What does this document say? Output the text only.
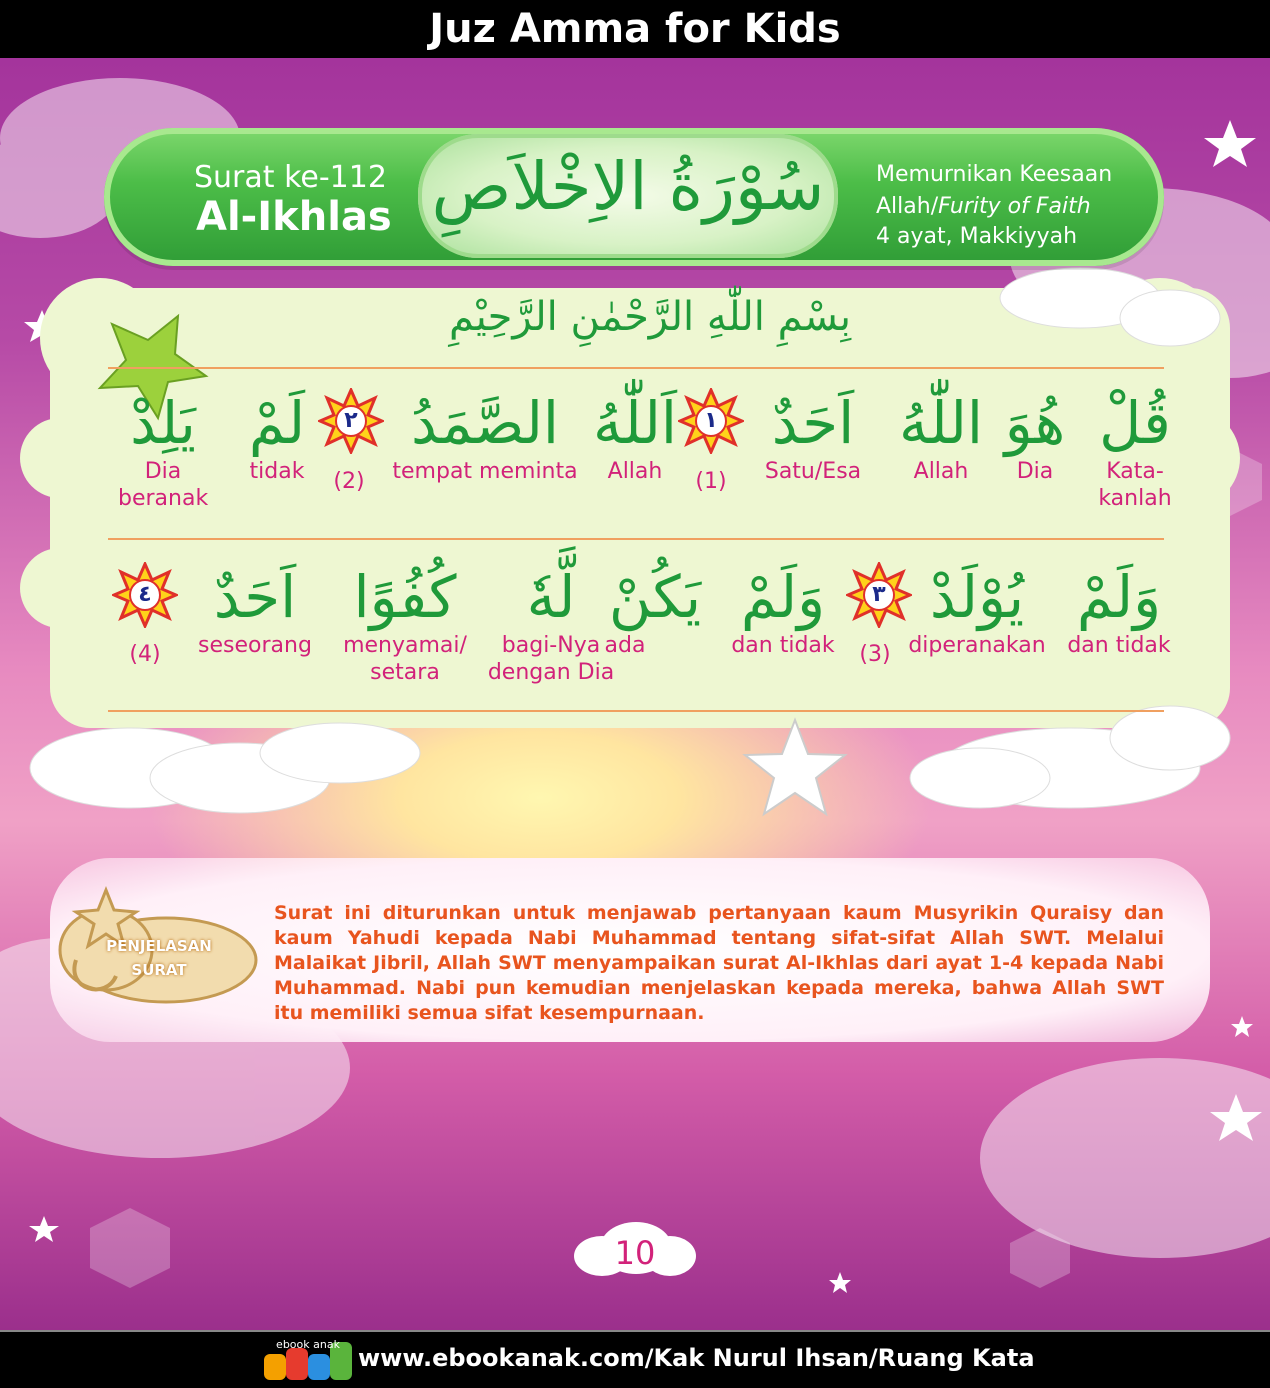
Juz Amma for Kids
Surat ke-112
Al-Ikhlas سُوْرَةُ الاِخْلاَصِ	Memurnikan Keesaan
Allah/Furity of Faith
4 ayat, Makkiyyah
بِسْمِ اللّٰهِ الرَّحْمٰنِ الرَّحِيْمِ
قُلْ
Kata-kanlah
هُوَ
Dia
اللّٰهُ
Allah
اَحَدٌ
Satu/Esa
١
(1)
اَللّٰهُ
Allah
الصَّمَدُ
tempat meminta
٢
(2)
لَمْ
tidak
يَلِدْ
Dia beranak
وَلَمْ
dan tidak
يُوْلَدْ
diperanakan
٣
(3)
وَلَمْ
dan tidak
يَكُنْ
ada
لَّهٗ
bagi-Nya dengan Dia
كُفُوًا
menyamai/ setara
اَحَدٌ
seseorang
٤
(4)
PENJELASAN
SURAT
Surat ini diturunkan untuk menjawab pertanyaan kaum Musyrikin Quraisy dan kaum Yahudi kepada Nabi Muhammad tentang sifat-sifat Allah SWT. Melalui Malaikat Jibril, Allah SWT menyampaikan surat Al-Ikhlas dari ayat 1-4 kepada Nabi Muhammad. Nabi pun kemudian menjelaskan kepada mereka, bahwa Allah SWT itu memiliki semua sifat kesempurnaan.
10
ebook anak www.ebookanak.com/Kak Nurul Ihsan/Ruang Kata
